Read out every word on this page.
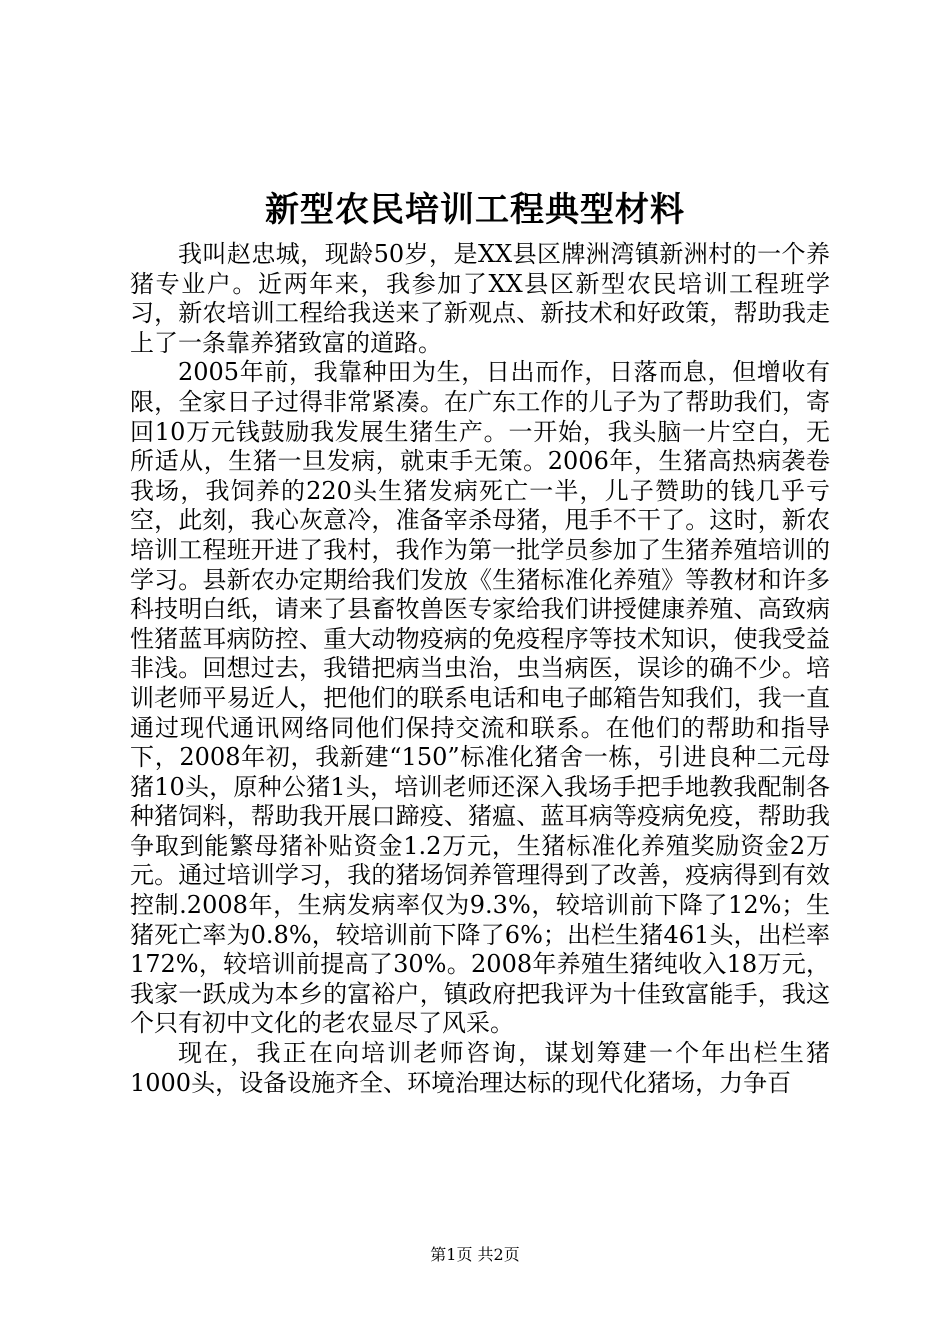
新型农民培训工程典型材料

我叫赵忠城，现龄50岁，是XX县区牌洲湾镇新洲村的一个养猪专业户。近两年来，我参加了XX县区新型农民培训工程班学习，新农培训工程给我送来了新观点、新技术和好政策，帮助我走上了一条靠养猪致富的道路。

2005年前，我靠种田为生，日出而作，日落而息，但增收有限，全家日子过得非常紧凑。在广东工作的儿子为了帮助我们，寄回10万元钱鼓励我发展生猪生产。一开始，我头脑一片空白，无所适从，生猪一旦发病，就束手无策。2006年，生猪高热病袭卷我场，我饲养的220头生猪发病死亡一半，儿子赞助的钱几乎亏空，此刻，我心灰意冷，准备宰杀母猪，甩手不干了。这时，新农培训工程班开进了我村，我作为第一批学员参加了生猪养殖培训的学习。县新农办定期给我们发放《生猪标准化养殖》等教材和许多科技明白纸，请来了县畜牧兽医专家给我们讲授健康养殖、高致病性猪蓝耳病防控、重大动物疫病的免疫程序等技术知识，使我受益非浅。回想过去，我错把病当虫治，虫当病医，误诊的确不少。培训老师平易近人，把他们的联系电话和电子邮箱告知我们，我一直通过现代通讯网络同他们保持交流和联系。在他们的帮助和指导下，2008年初，我新建“150”标准化猪舍一栋，引进良种二元母猪10头，原种公猪1头，培训老师还深入我场手把手地教我配制各种猪饲料，帮助我开展口蹄疫、猪瘟、蓝耳病等疫病免疫，帮助我争取到能繁母猪补贴资金1.2万元，生猪标准化养殖奖励资金2万元。通过培训学习，我的猪场饲养管理得到了改善，疫病得到有效控制.2008年，生病发病率仅为9.3%，较培训前下降了12%；生猪死亡率为0.8%，较培训前下降了6%；出栏生猪461头，出栏率172%，较培训前提高了30%。2008年养殖生猪纯收入18万元，我家一跃成为本乡的富裕户，镇政府把我评为十佳致富能手，我这个只有初中文化的老农显尽了风采。

现在，我正在向培训老师咨询，谋划筹建一个年出栏生猪1000头，设备设施齐全、环境治理达标的现代化猪场，力争百

第1页 共2页
